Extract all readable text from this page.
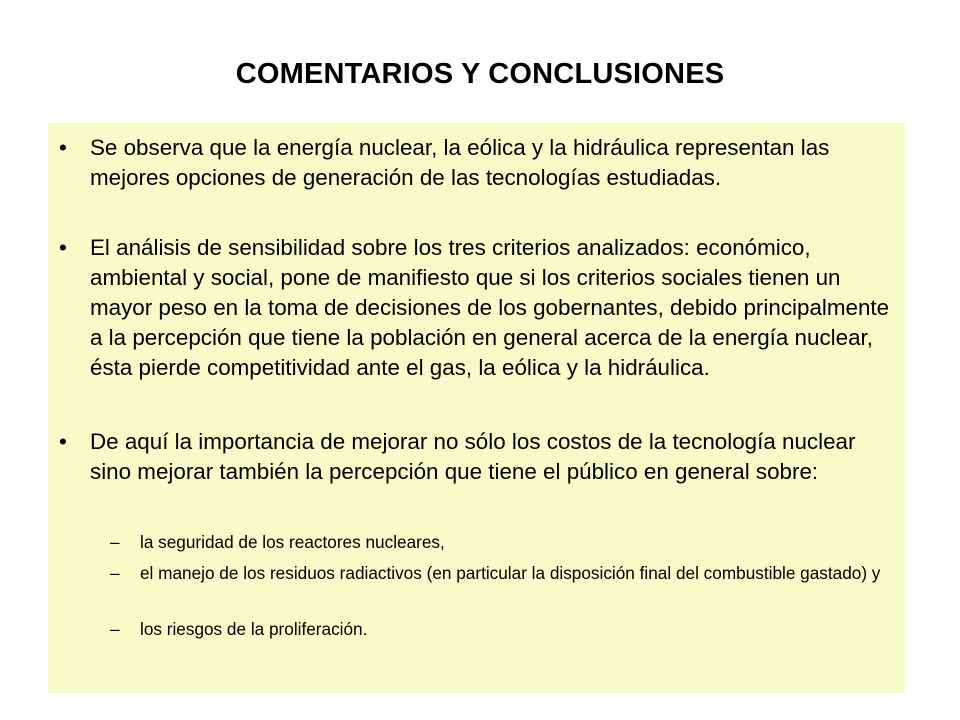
COMENTARIOS Y CONCLUSIONES
•	Se observa que la energía nuclear, la eólica y la hidráulica representan las mejores opciones de generación de las tecnologías estudiadas.
•	El análisis de sensibilidad sobre los tres criterios analizados: económico, ambiental y social, pone de manifiesto que si los criterios sociales tienen un mayor peso en la toma de decisiones de los gobernantes, debido principalmente a la percepción que tiene la población en general acerca de la energía nuclear, ésta pierde competitividad ante el gas, la eólica y la hidráulica.
•	De aquí la importancia de mejorar no sólo los costos de la tecnología nuclear sino mejorar también la percepción que tiene el público en general sobre:
– la seguridad de los reactores nucleares,
– el manejo de los residuos radiactivos (en particular la disposición final del combustible gastado) y
– los riesgos de la proliferación.
